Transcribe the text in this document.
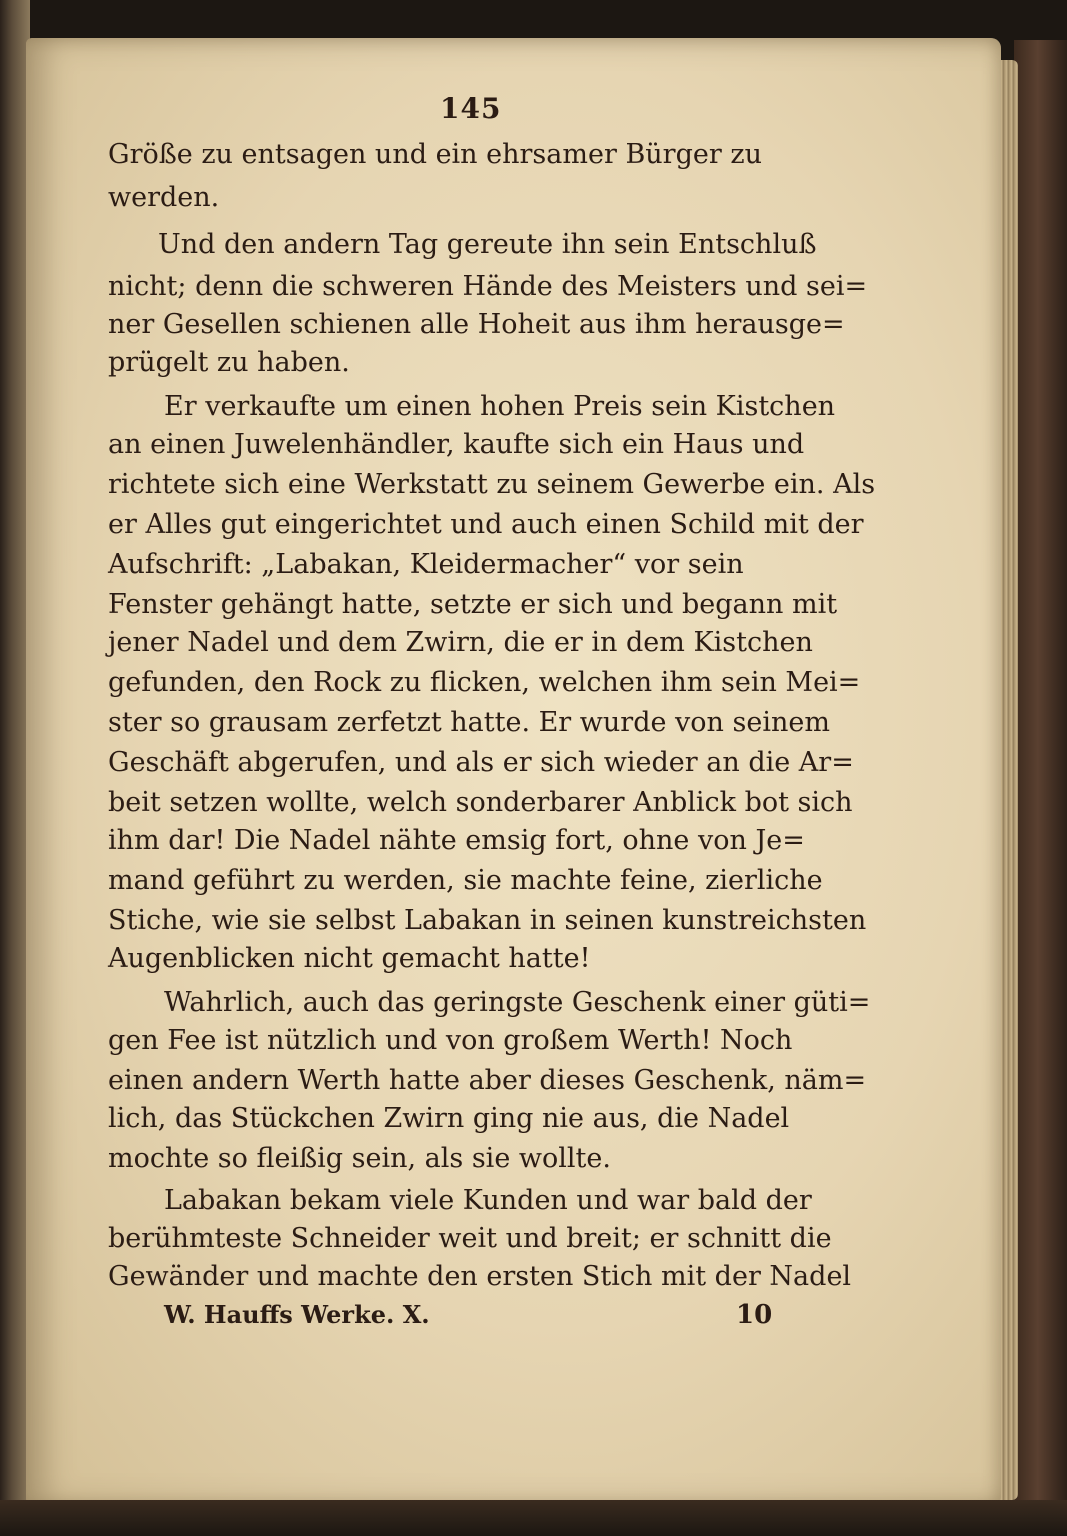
145
Größe zu entsagen und ein ehrsamer Bürger zu
werden.
Und den andern Tag gereute ihn sein Entschluß
nicht; denn die schweren Hände des Meisters und sei=
ner Gesellen schienen alle Hoheit aus ihm herausge=
prügelt zu haben.
Er verkaufte um einen hohen Preis sein Kistchen
an einen Juwelenhändler, kaufte sich ein Haus und
richtete sich eine Werkstatt zu seinem Gewerbe ein. Als
er Alles gut eingerichtet und auch einen Schild mit der
Aufschrift: „Labakan, Kleidermacher“ vor sein
Fenster gehängt hatte, setzte er sich und begann mit
jener Nadel und dem Zwirn, die er in dem Kistchen
gefunden, den Rock zu flicken, welchen ihm sein Mei=
ster so grausam zerfetzt hatte. Er wurde von seinem
Geschäft abgerufen, und als er sich wieder an die Ar=
beit setzen wollte, welch sonderbarer Anblick bot sich
ihm dar! Die Nadel nähte emsig fort, ohne von Je=
mand geführt zu werden, sie machte feine, zierliche
Stiche, wie sie selbst Labakan in seinen kunstreichsten
Augenblicken nicht gemacht hatte!
Wahrlich, auch das geringste Geschenk einer güti=
gen Fee ist nützlich und von großem Werth! Noch
einen andern Werth hatte aber dieses Geschenk, näm=
lich, das Stückchen Zwirn ging nie aus, die Nadel
mochte so fleißig sein, als sie wollte.
Labakan bekam viele Kunden und war bald der
berühmteste Schneider weit und breit; er schnitt die
Gewänder und machte den ersten Stich mit der Nadel
W. Hauffs Werke. X.	10
